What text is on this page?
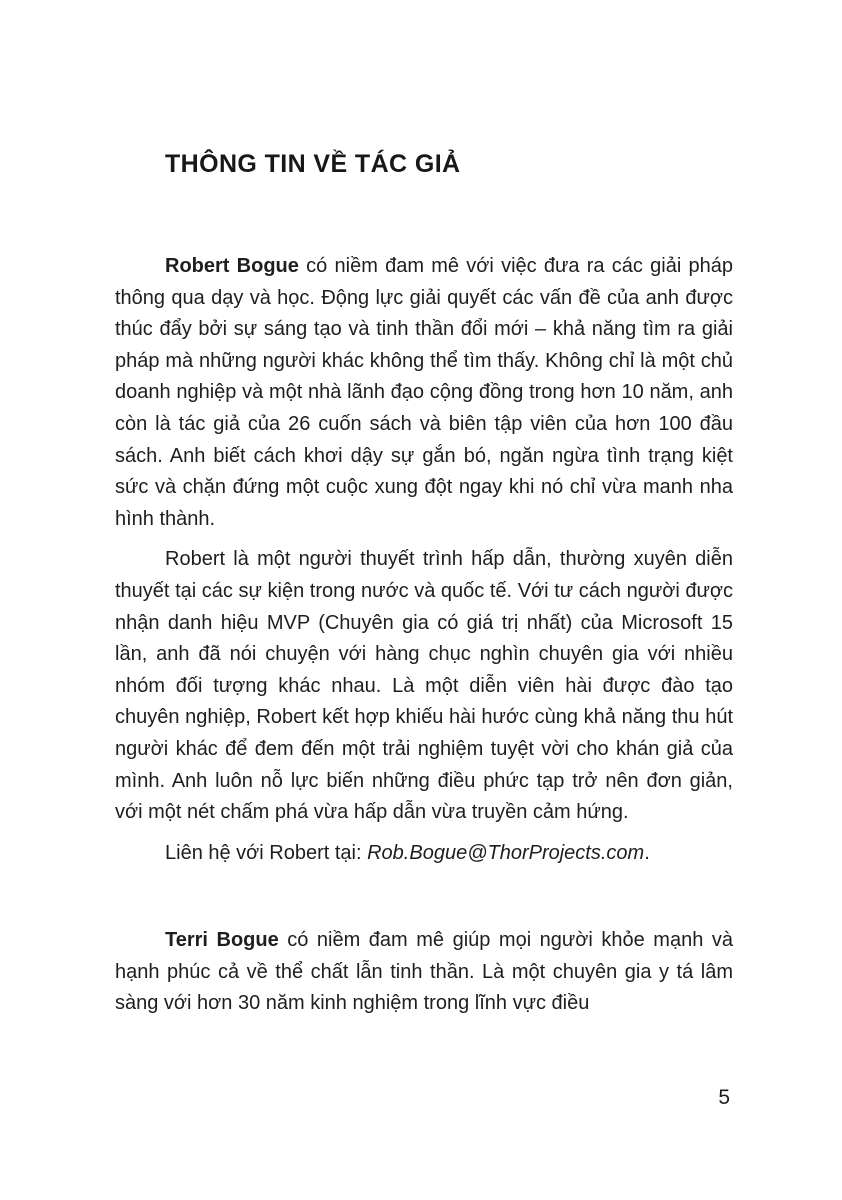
THÔNG TIN VỀ TÁC GIẢ

Robert Bogue có niềm đam mê với việc đưa ra các giải pháp thông qua dạy và học. Động lực giải quyết các vấn đề của anh được thúc đẩy bởi sự sáng tạo và tinh thần đổi mới – khả năng tìm ra giải pháp mà những người khác không thể tìm thấy. Không chỉ là một chủ doanh nghiệp và một nhà lãnh đạo cộng đồng trong hơn 10 năm, anh còn là tác giả của 26 cuốn sách và biên tập viên của hơn 100 đầu sách. Anh biết cách khơi dậy sự gắn bó, ngăn ngừa tình trạng kiệt sức và chặn đứng một cuộc xung đột ngay khi nó chỉ vừa manh nha hình thành.

Robert là một người thuyết trình hấp dẫn, thường xuyên diễn thuyết tại các sự kiện trong nước và quốc tế. Với tư cách người được nhận danh hiệu MVP (Chuyên gia có giá trị nhất) của Microsoft 15 lần, anh đã nói chuyện với hàng chục nghìn chuyên gia với nhiều nhóm đối tượng khác nhau. Là một diễn viên hài được đào tạo chuyên nghiệp, Robert kết hợp khiếu hài hước cùng khả năng thu hút người khác để đem đến một trải nghiệm tuyệt vời cho khán giả của mình. Anh luôn nỗ lực biến những điều phức tạp trở nên đơn giản, với một nét chấm phá vừa hấp dẫn vừa truyền cảm hứng.

Liên hệ với Robert tại: Rob.Bogue@ThorProjects.com.

Terri Bogue có niềm đam mê giúp mọi người khỏe mạnh và hạnh phúc cả về thể chất lẫn tinh thần. Là một chuyên gia y tá lâm sàng với hơn 30 năm kinh nghiệm trong lĩnh vực điều

5
